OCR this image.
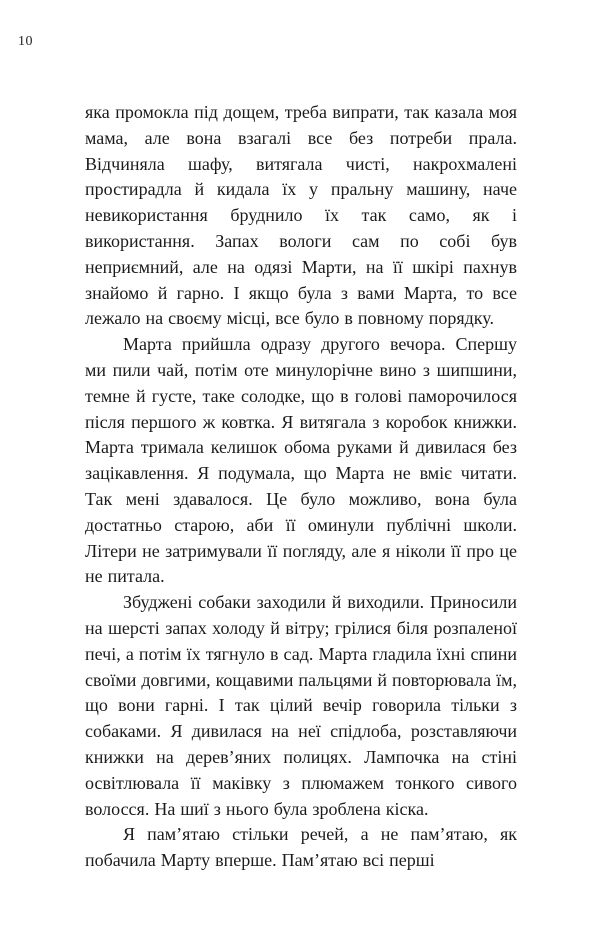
10

яка промокла під дощем, треба випрати, так казала моя мама, але вона взагалі все без потреби прала. Відчиняла шафу, витягала чисті, накрохмалені простирадла й кидала їх у пральну машину, наче невикористання бруднило їх так само, як і використання. Запах вологи сам по собі був неприємний, але на одязі Марти, на її шкірі пахнув знайомо й гарно. І якщо була з вами Марта, то все лежало на своєму місці, все було в повному порядку.

Марта прийшла одразу другого вечора. Спершу ми пили чай, потім оте минулорічне вино з шипшини, темне й густе, таке солодке, що в голові паморочилося після першого ж ковтка. Я витягала з коробок книжки. Марта тримала келишок обома руками й дивилася без зацікавлення. Я подумала, що Марта не вміє читати. Так мені здавалося. Це було можливо, вона була достатньо старою, аби її оминули публічні школи. Літери не затримували її погляду, але я ніколи її про це не питала.

Збуджені собаки заходили й виходили. Приносили на шерсті запах холоду й вітру; грілися біля розпаленої печі, а потім їх тягнуло в сад. Марта гладила їхні спини своїми довгими, кощавими пальцями й повторювала їм, що вони гарні. І так цілий вечір говорила тільки з собаками. Я дивилася на неї спідлоба, розставляючи книжки на дерев’яних полицях. Лампочка на стіні освітлювала її маківку з плюмажем тонкого сивого волосся. На шиї з нього була зроблена кіска.

Я пам’ятаю стільки речей, а не пам’ятаю, як побачила Марту вперше. Пам’ятаю всі перші
